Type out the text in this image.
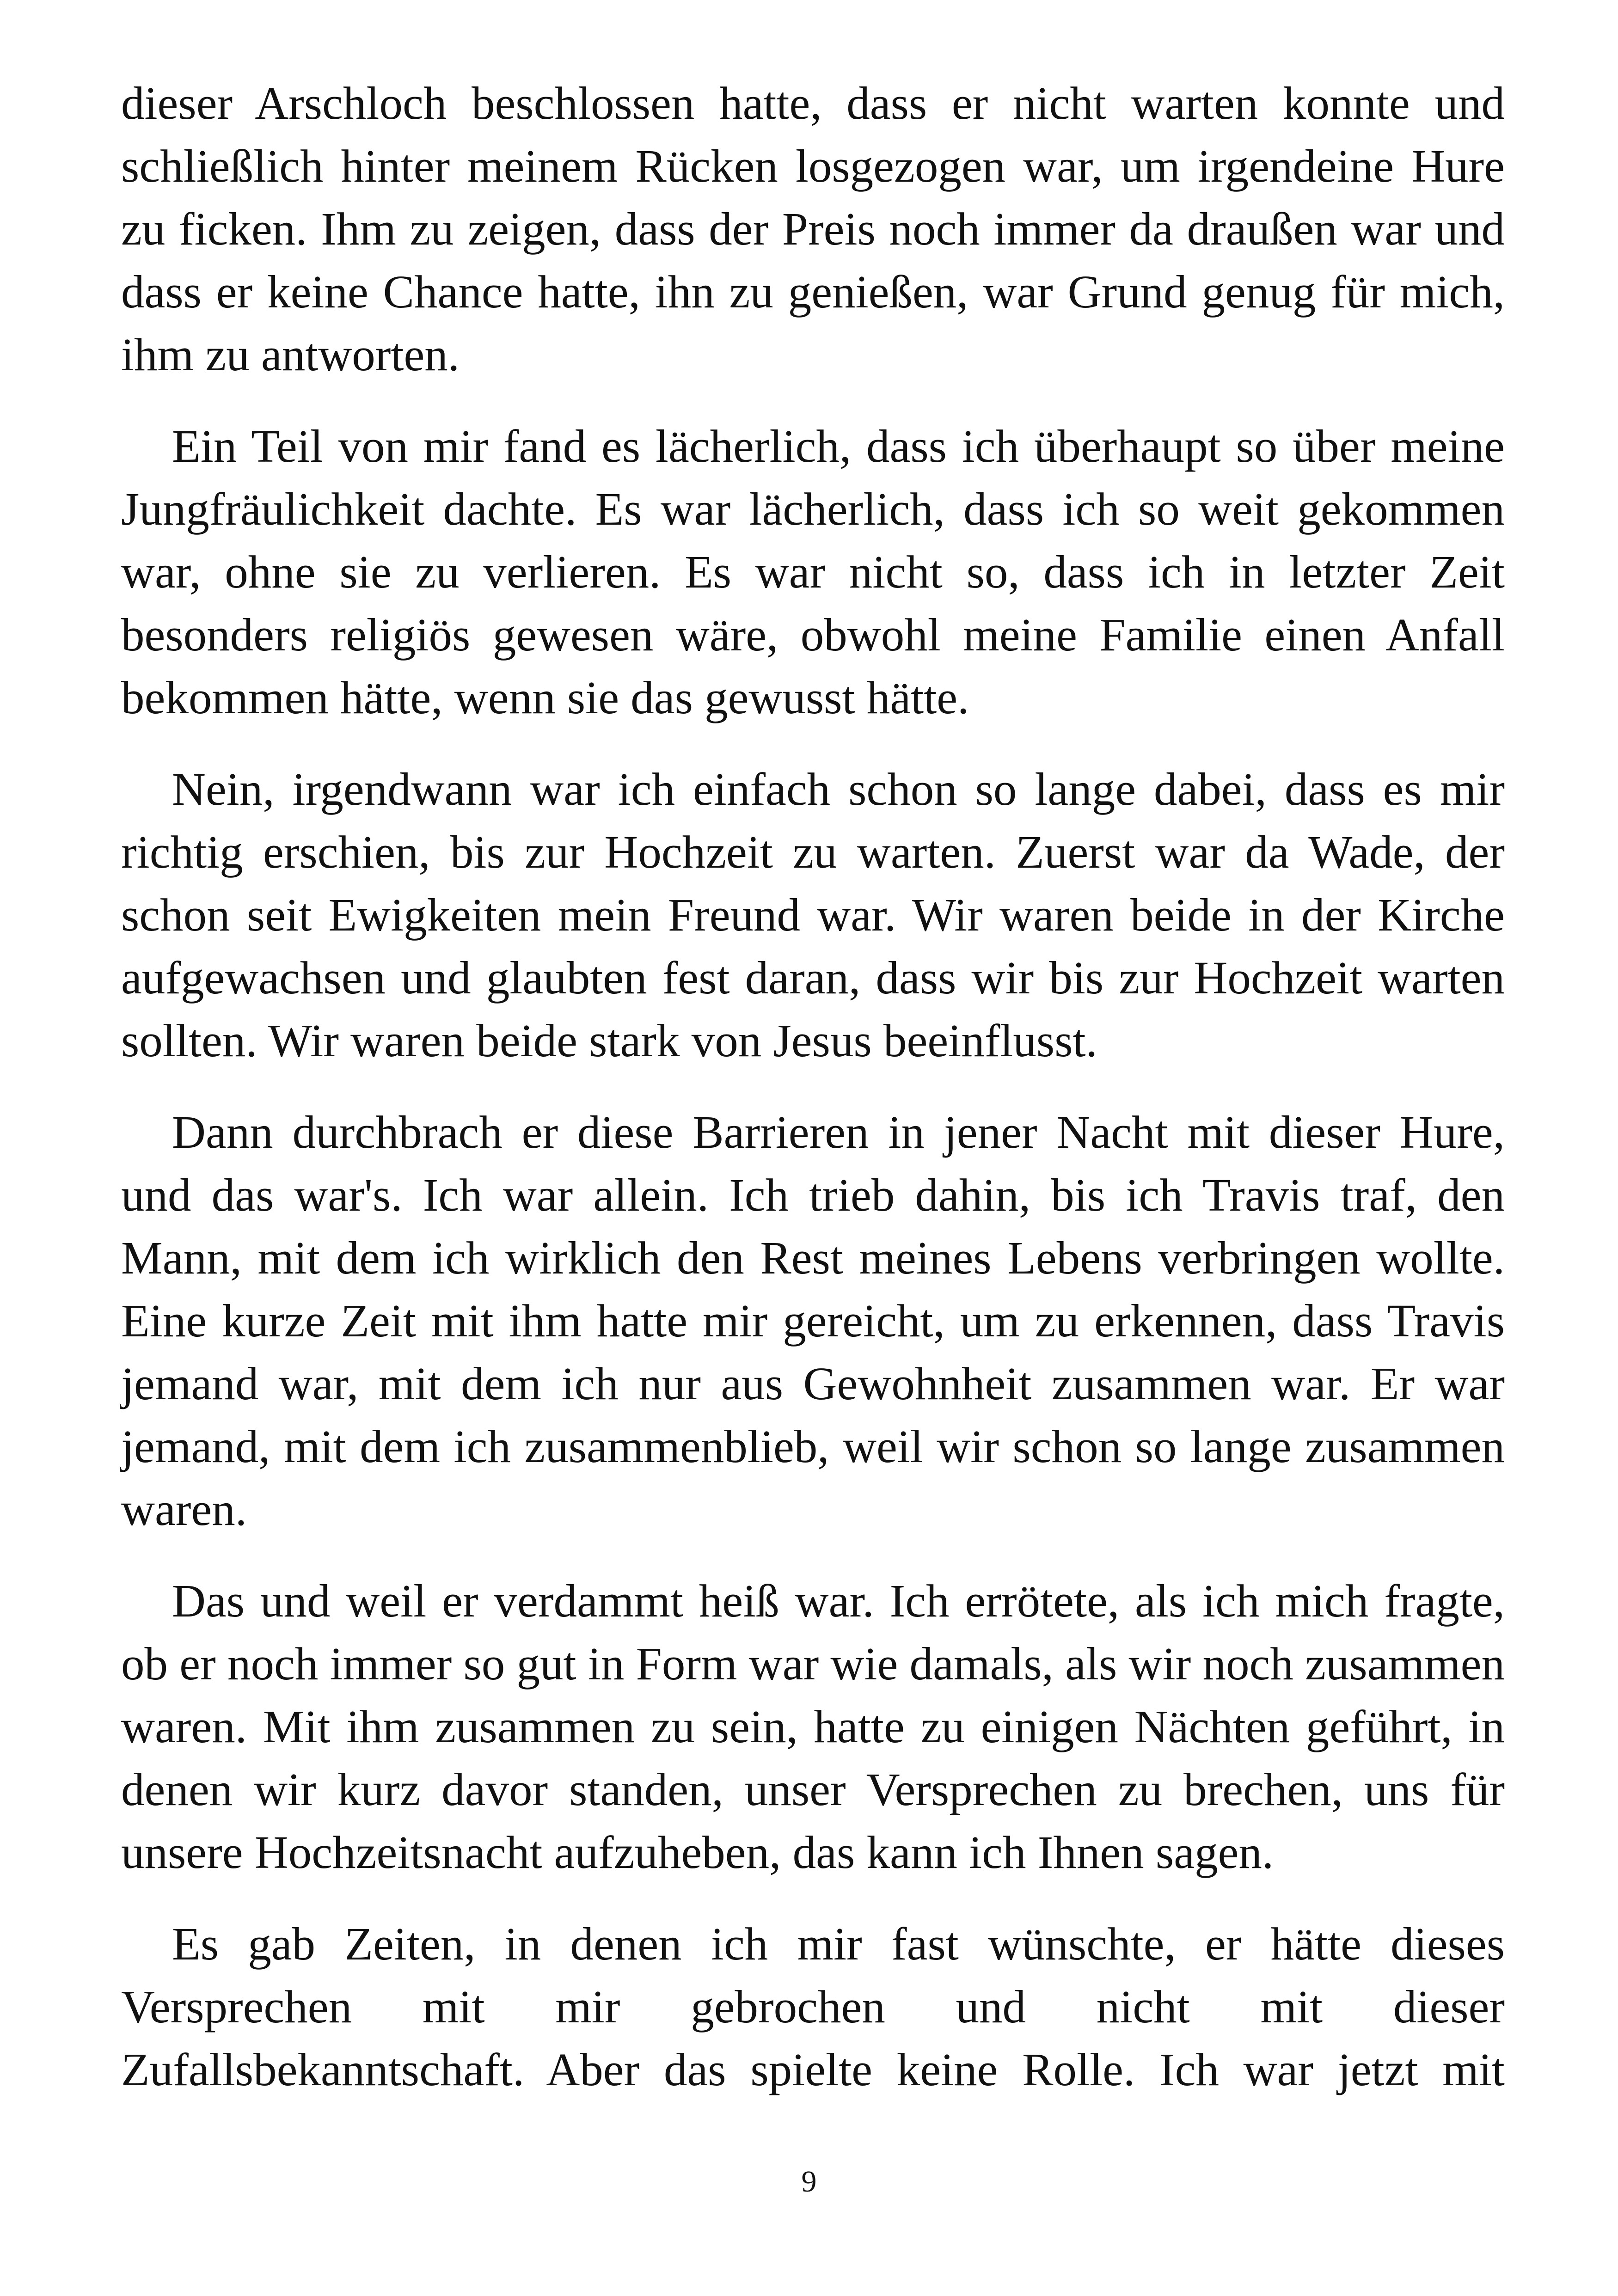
dieser Arschloch beschlossen hatte, dass er nicht warten konnte und schließlich hinter meinem Rücken losgezogen war, um irgendeine Hure zu ficken. Ihm zu zeigen, dass der Preis noch immer da draußen war und dass er keine Chance hatte, ihn zu genießen, war Grund genug für mich, ihm zu antworten.

Ein Teil von mir fand es lächerlich, dass ich überhaupt so über meine Jungfräulichkeit dachte. Es war lächerlich, dass ich so weit gekommen war, ohne sie zu verlieren. Es war nicht so, dass ich in letzter Zeit besonders religiös gewesen wäre, obwohl meine Familie einen Anfall bekommen hätte, wenn sie das gewusst hätte.

Nein, irgendwann war ich einfach schon so lange dabei, dass es mir richtig erschien, bis zur Hochzeit zu warten. Zuerst war da Wade, der schon seit Ewigkeiten mein Freund war. Wir waren beide in der Kirche aufgewachsen und glaubten fest daran, dass wir bis zur Hochzeit warten sollten. Wir waren beide stark von Jesus beeinflusst.

Dann durchbrach er diese Barrieren in jener Nacht mit dieser Hure, und das war's. Ich war allein. Ich trieb dahin, bis ich Travis traf, den Mann, mit dem ich wirklich den Rest meines Lebens verbringen wollte. Eine kurze Zeit mit ihm hatte mir gereicht, um zu erkennen, dass Travis jemand war, mit dem ich nur aus Gewohnheit zusammen war. Er war jemand, mit dem ich zusammenblieb, weil wir schon so lange zusammen waren.

Das und weil er verdammt heiß war. Ich errötete, als ich mich fragte, ob er noch immer so gut in Form war wie damals, als wir noch zusammen waren. Mit ihm zusammen zu sein, hatte zu einigen Nächten geführt, in denen wir kurz davor standen, unser Versprechen zu brechen, uns für unsere Hochzeitsnacht aufzuheben, das kann ich Ihnen sagen.

Es gab Zeiten, in denen ich mir fast wünschte, er hätte dieses Versprechen mit mir gebrochen und nicht mit dieser Zufallsbekanntschaft. Aber das spielte keine Rolle. Ich war jetzt mit

9
